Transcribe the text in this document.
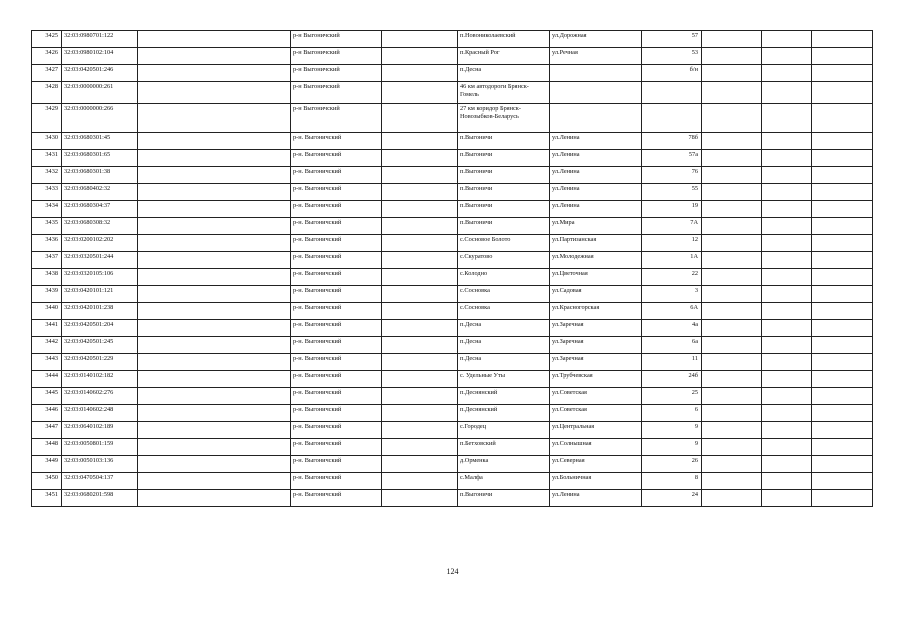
3425	32:03:0980701:122		р-н Выгоничский		п.Новониколаевский	ул.Дорожная	57			
3426	32:03:0980102:104		р-н Выгоничский		п.Красный Рог	ул.Речная	53			
3427	32:03:0420501:246		р-н Выгоничский		п.Десна		б/н			
3428	32:03:0000000:261		р-н Выгоничский		46 км автодороги Брянск-Гомель					
3429	32:03:0000000:266		р-н Выгоничский		27 км коридор Брянск-Новозыбков-Беларусь					
3430	32:03:0680301:45		р-н. Выгоничский		п.Выгоничи	ул.Ленина	78б			
3431	32:03:0680301:65		р-н. Выгоничский		п.Выгоничи	ул.Ленина	57а			
3432	32:03:0680301:38		р-н. Выгоничский		п.Выгоничи	ул.Ленина	76			
3433	32:03:0680402:32		р-н. Выгоничский		п.Выгоничи	ул.Ленина	55			
3434	32:03:0680304:37		р-н. Выгоничский		п.Выгоничи	ул.Ленина	19			
3435	32:03:0680308:32		р-н. Выгоничский		п.Выгоничи	ул.Мира	7А			
3436	32:03:0200102:202		р-н. Выгоничский		с.Сосновое Болото	ул.Партизанская	12			
3437	32:03:0320501:244		р-н. Выгоничский		с.Скуратово	ул.Молодежная	1А			
3438	32:03:0320105:106		р-н. Выгоничский		с.Колодно	ул.Цветочная	22			
3439	32:03:0420101:121		р-н. Выгоничский		с.Сосновка	ул.Садовая	3			
3440	32:03:0420101:238		р-н. Выгоничский		с.Сосновка	ул.Красногорская	6А			
3441	32:03:0420501:204		р-н. Выгоничский		п.Десна	ул.Заречная	4а			
3442	32:03:0420501:245		р-н. Выгоничский		п.Десна	ул.Заречная	6а			
3443	32:03:0420501:229		р-н. Выгоничский		п.Десна	ул.Заречная	11			
3444	32:03:0140102:182		р-н. Выгоничский		с. Удельные Уты	ул.Трубчевская	24б			
3445	32:03:0140602:276		р-н. Выгоничский		п.Деснянский	ул.Советская	25			
3446	32:03:0140602:248		р-н. Выгоничский		п.Деснянский	ул.Советская	6			
3447	32:03:0640102:189		р-н. Выгоничский		с.Городец	ул.Центральная	9			
3448	32:03:0050801:159		р-н. Выгоничский		п.Бетховский	ул.Солнышная	9			
3449	32:03:0050103:136		р-н. Выгоничский		д.Орменка	ул.Северная	26			
3450	32:03:0470504:137		р-н. Выгоничский		с.Малфа	ул.Больничная	8			
3451	32:03:0680201:598		р-н. Выгоничский		п.Выгоничи	ул.Ленина	24			
124
